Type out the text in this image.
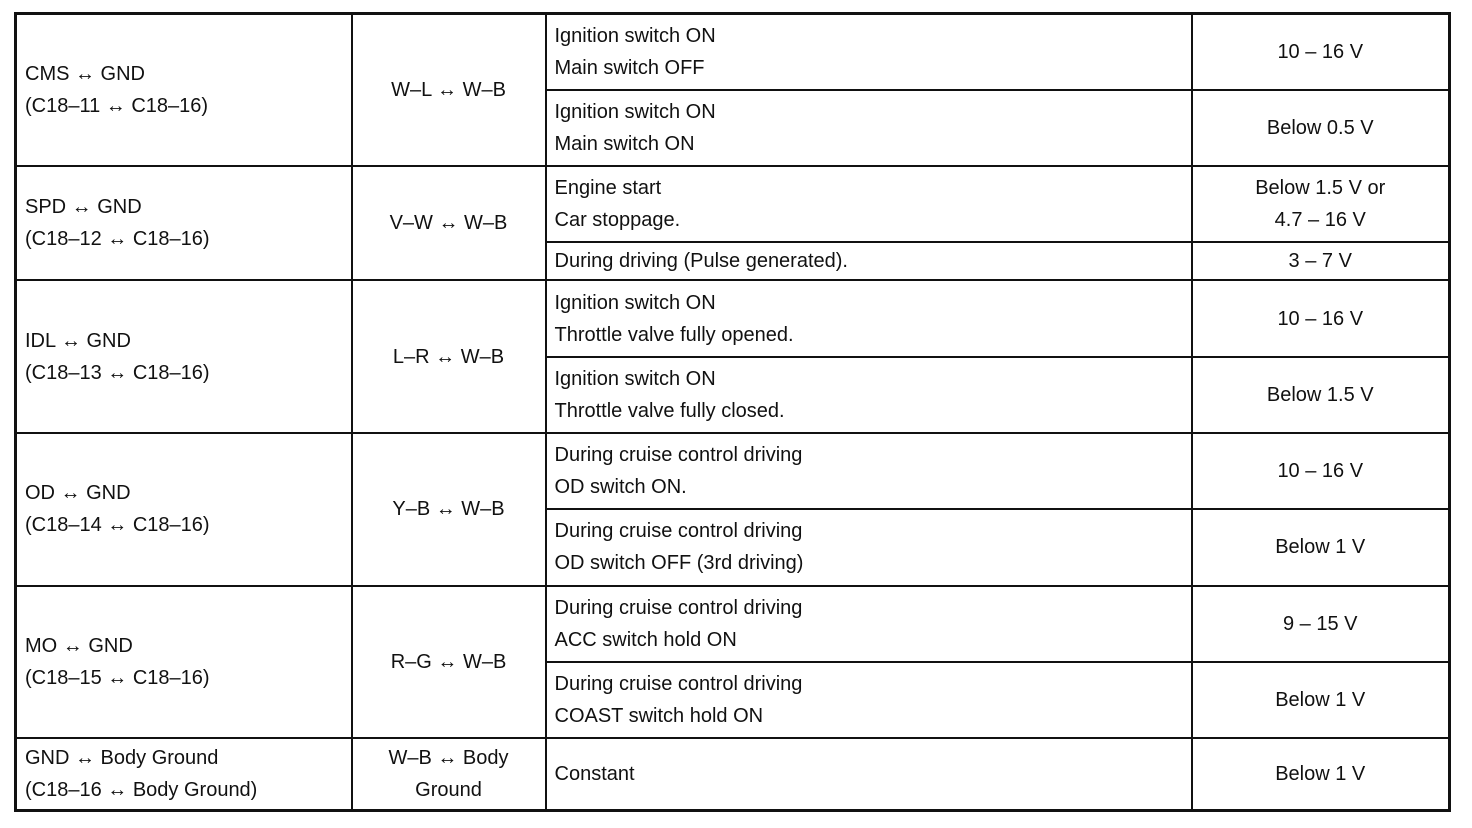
CMS ↔ GND
(C18–11 ↔ C18–16)	W–L ↔ W–B	Ignition switch ON
Main switch OFF	10 – 16 V

		Ignition switch ON
Main switch ON	Below 0.5 V

SPD ↔ GND
(C18–12 ↔ C18–16)	V–W ↔ W–B	Engine start
Car stoppage.	Below 1.5 V or
4.7 – 16 V

		During driving (Pulse generated).	3 – 7 V

IDL ↔ GND
(C18–13 ↔ C18–16)	L–R ↔ W–B	Ignition switch ON
Throttle valve fully opened.	10 – 16 V

		Ignition switch ON
Throttle valve fully closed.	Below 1.5 V

OD ↔ GND
(C18–14 ↔ C18–16)	Y–B ↔ W–B	During cruise control driving
OD switch ON.	10 – 16 V

		During cruise control driving
OD switch OFF (3rd driving)	Below 1 V

MO ↔ GND
(C18–15 ↔ C18–16)	R–G ↔ W–B	During cruise control driving
ACC switch hold ON	9 – 15 V

		During cruise control driving
COAST switch hold ON	Below 1 V

GND ↔ Body Ground
(C18–16 ↔ Body Ground)	W–B ↔ Body
Ground	Constant	Below 1 V
